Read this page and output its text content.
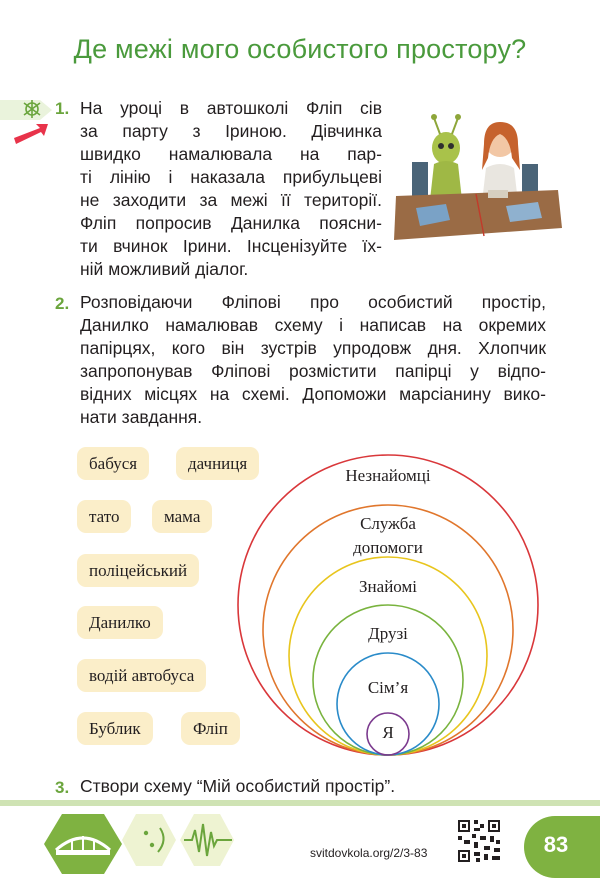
Де межі мого особистого простору?
1. На уроці в автошколі Фліп сів
за парту з Іриною. Дівчинка
швидко намалювала на пар-
ті лінію і наказала прибульцеві
не заходити за межі її території.
Фліп попросив Данилка поясни-
ти вчинок Ірини. Інсценізуйте їх-
ній можливий діалог.
2. Розповідаючи Фліпові про особистий простір,
Данилко намалював схему і написав на окремих
папірцях, кого він зустрів упродовж дня. Хлопчик
запропонував Фліпові розмістити папірці у відпо-
відних місцях на схемі. Допоможи марсіанину вико-
нати завдання.
бабуся	дачниця
тато	мама
поліцейський
Данилко
водій автобуса
Бублик	Фліп
Незнайомці
Служба
допомоги
Знайомі
Друзі
Сім’я
Я
3. Створи схему “Мій особистий простір”.
svitdovkola.org/2/3-83	83
